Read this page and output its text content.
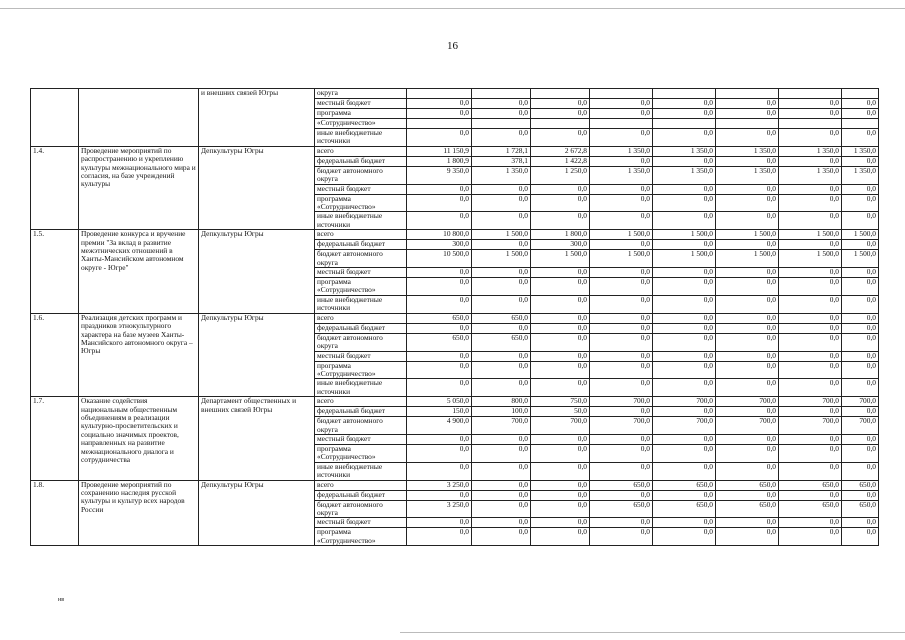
16
		и внешних связей Югры	округа								
			местный бюджет	0,0	0,0	0,0	0,0	0,0	0,0	0,0	0,0
			программа	0,0	0,0	0,0	0,0	0,0	0,0	0,0	0,0
			«Сотрудничество»								
			иные внебюджетные источники	0,0	0,0	0,0	0,0	0,0	0,0	0,0	0,0
1.4.	Проведение мероприятий по распространению и укреплению культуры межнационального мира и согласия, на базе учреждений культуры	Депкультуры Югры	всего	11 150,9	1 728,1	2 672,8	1 350,0	1 350,0	1 350,0	1 350,0	1 350,0
			федеральный бюджет	1 800,9	378,1	1 422,8	0,0	0,0	0,0	0,0	0,0
			бюджет автономного округа	9 350,0	1 350,0	1 250,0	1 350,0	1 350,0	1 350,0	1 350,0	1 350,0
			местный бюджет	0,0	0,0	0,0	0,0	0,0	0,0	0,0	0,0
			программа «Сотрудничество»	0,0	0,0	0,0	0,0	0,0	0,0	0,0	0,0
			иные внебюджетные источники	0,0	0,0	0,0	0,0	0,0	0,0	0,0	0,0
1.5.	Проведение конкурса и вручение премии "За вклад в развитие межэтнических отношений в Ханты-Мансийском автономном округе - Югре"	Депкультуры Югры	всего	10 800,0	1 500,0	1 800,0	1 500,0	1 500,0	1 500,0	1 500,0	1 500,0
			федеральный бюджет	300,0	0,0	300,0	0,0	0,0	0,0	0,0	0,0
			бюджет автономного округа	10 500,0	1 500,0	1 500,0	1 500,0	1 500,0	1 500,0	1 500,0	1 500,0
			местный бюджет	0,0	0,0	0,0	0,0	0,0	0,0	0,0	0,0
			программа «Сотрудничество»	0,0	0,0	0,0	0,0	0,0	0,0	0,0	0,0
			иные внебюджетные источники	0,0	0,0	0,0	0,0	0,0	0,0	0,0	0,0
1.6.	Реализация детских программ и праздников этнокультурного характера на базе музеев Ханты-Мансийского автономного округа – Югры	Депкультуры Югры	всего	650,0	650,0	0,0	0,0	0,0	0,0	0,0	0,0
			федеральный бюджет	0,0	0,0	0,0	0,0	0,0	0,0	0,0	0,0
			бюджет автономного округа	650,0	650,0	0,0	0,0	0,0	0,0	0,0	0,0
			местный бюджет	0,0	0,0	0,0	0,0	0,0	0,0	0,0	0,0
			программа «Сотрудничество»	0,0	0,0	0,0	0,0	0,0	0,0	0,0	0,0
			иные внебюджетные источники	0,0	0,0	0,0	0,0	0,0	0,0	0,0	0,0
1.7.	Оказание содействия национальным общественным объединениям в реализации культурно-просветительских и социально значимых проектов, направленных на развитие межнационального диалога и сотрудничества	Департамент общественных и внешних связей Югры	всего	5 050,0	800,0	750,0	700,0	700,0	700,0	700,0	700,0
			федеральный бюджет	150,0	100,0	50,0	0,0	0,0	0,0	0,0	0,0
			бюджет автономного округа	4 900,0	700,0	700,0	700,0	700,0	700,0	700,0	700,0
			местный бюджет	0,0	0,0	0,0	0,0	0,0	0,0	0,0	0,0
			программа «Сотрудничество»	0,0	0,0	0,0	0,0	0,0	0,0	0,0	0,0
			иные внебюджетные источники	0,0	0,0	0,0	0,0	0,0	0,0	0,0	0,0
1.8.	Проведение мероприятий по сохранению наследия русской культуры и культур всех народов России	Депкультуры Югры	всего	3 250,0	0,0	0,0	650,0	650,0	650,0	650,0	650,0
			федеральный бюджет	0,0	0,0	0,0	0,0	0,0	0,0	0,0	0,0
			бюджет автономного округа	3 250,0	0,0	0,0	650,0	650,0	650,0	650,0	650,0
			местный бюджет	0,0	0,0	0,0	0,0	0,0	0,0	0,0	0,0
			программа «Сотрудничество»	0,0	0,0	0,0	0,0	0,0	0,0	0,0	0,0
нв
